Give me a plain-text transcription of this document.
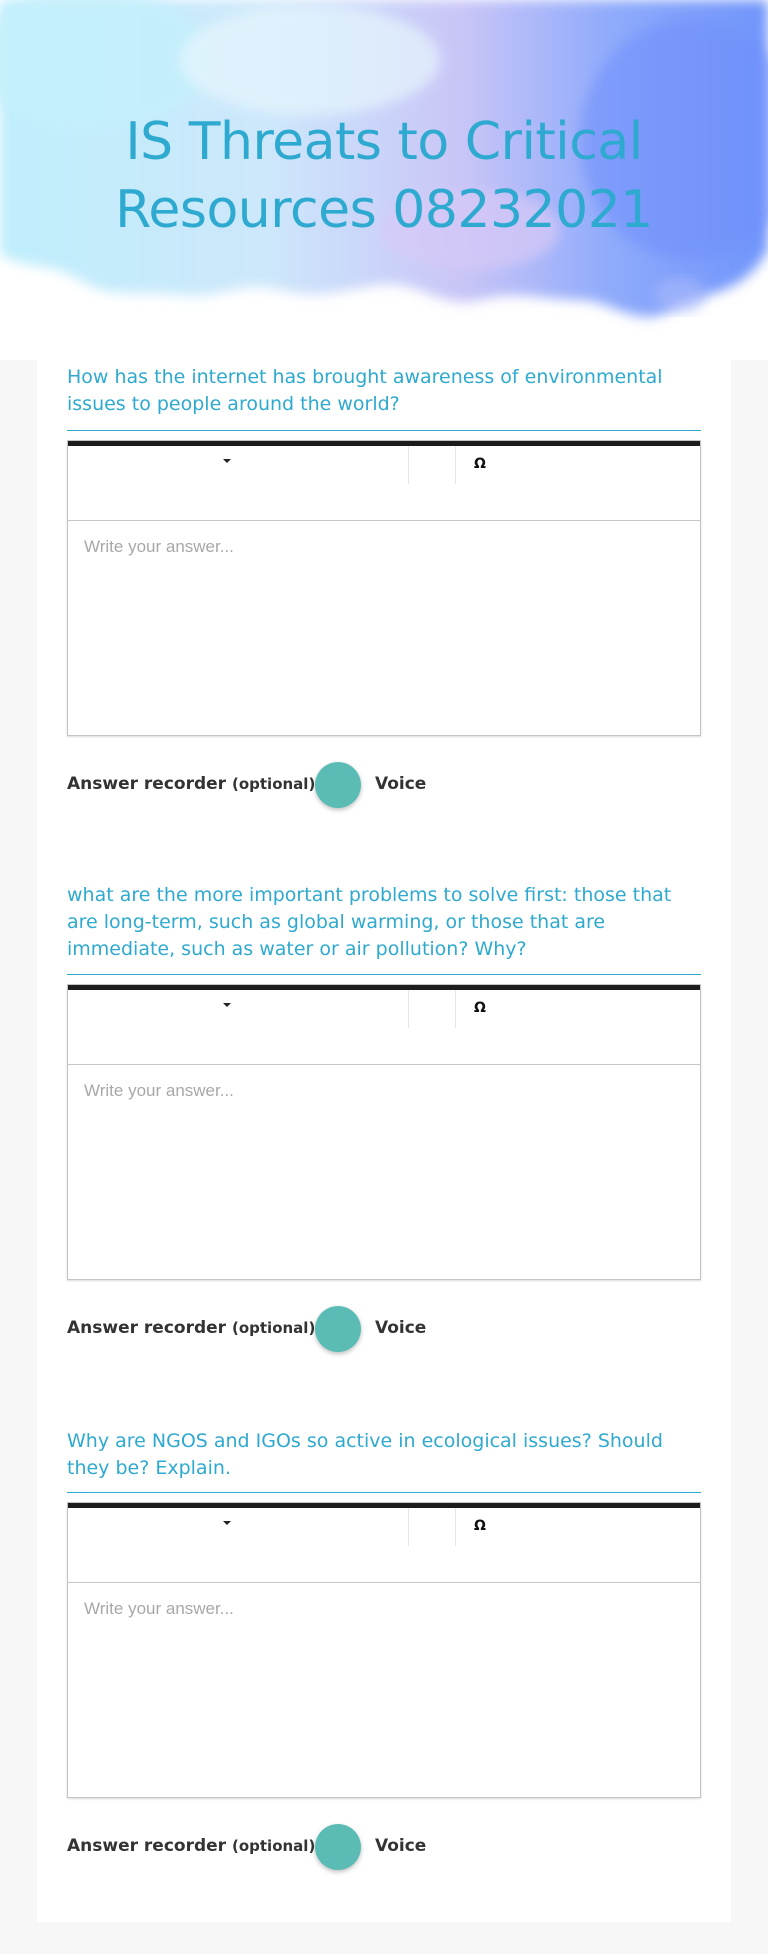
IS Threats to Critical
Resources 08232021
How has the internet has brought awareness of environmental issues to people around the world?
Ω
Write your answer...
Answer recorder (optional)	Voice
what are the more important problems to solve first: those that are long-term, such as global warming, or those that are immediate, such as water or air pollution? Why?
Ω
Write your answer...
Answer recorder (optional)	Voice
Why are NGOS and IGOs so active in ecological issues? Should they be? Explain.
Ω
Write your answer...
Answer recorder (optional)	Voice
